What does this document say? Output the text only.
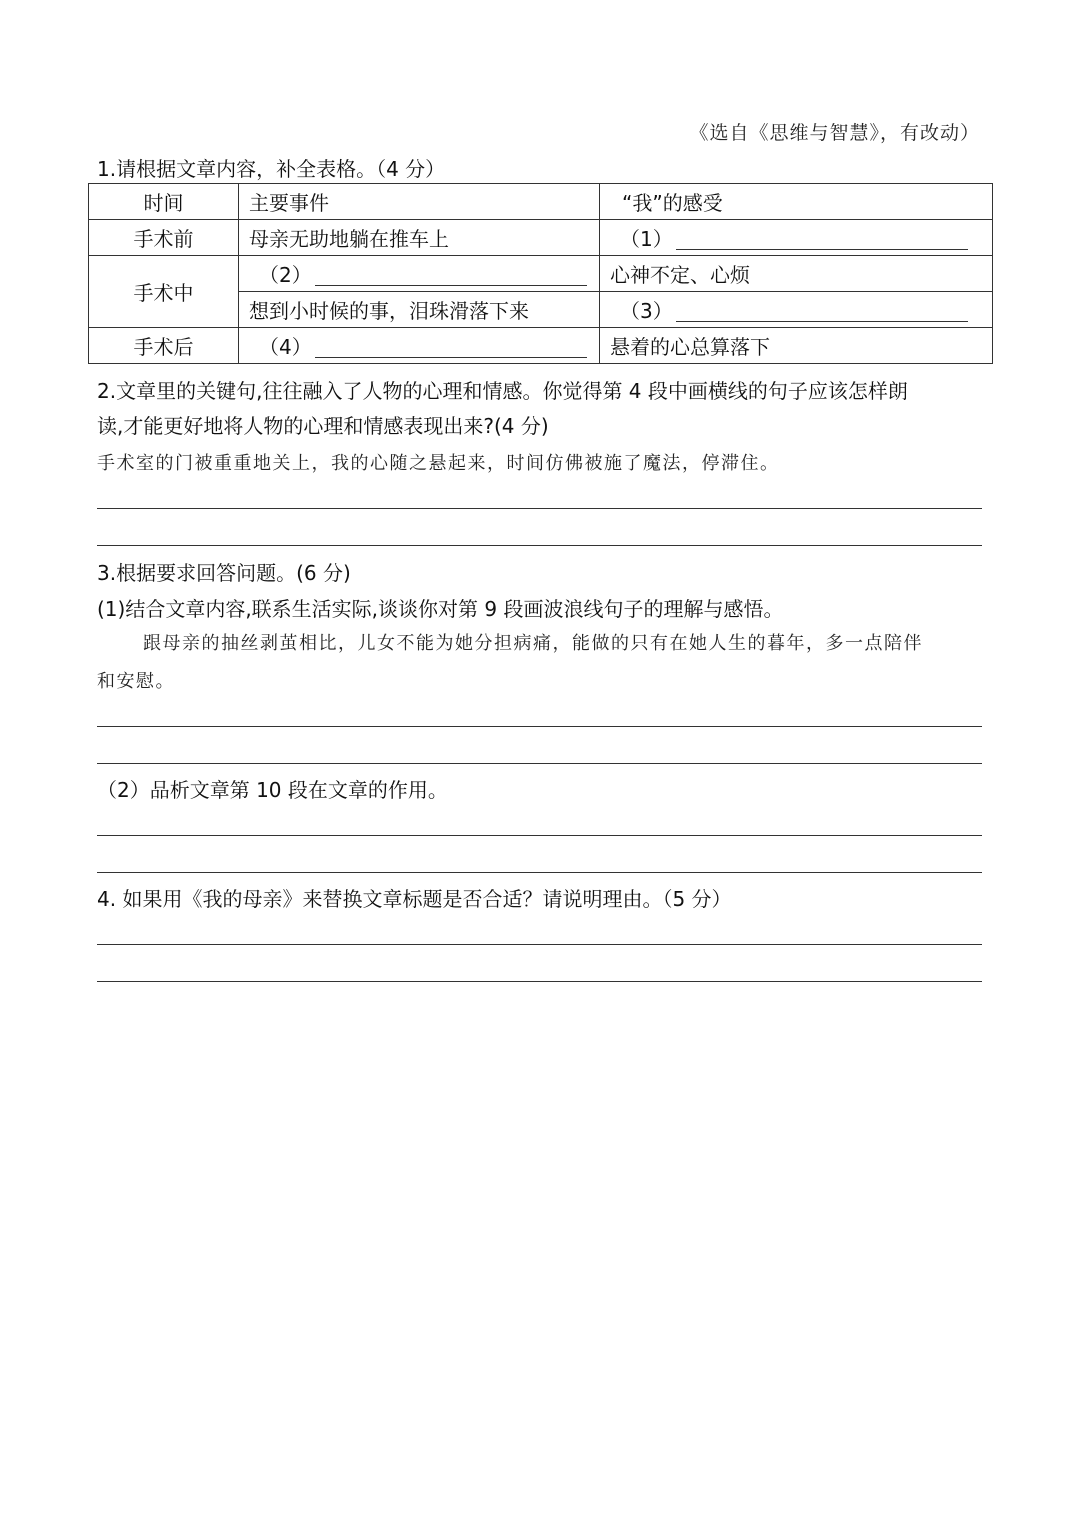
《选自《思维与智慧》，有改动）
1.请根据文章内容，补全表格。（4 分）
时间	主要事件	“我”的感受
手术前	母亲无助地躺在推车上	（1）
手术中	（2）	心神不定、心烦
	想到小时候的事，泪珠滑落下来	（3）
手术后	（4）	悬着的心总算落下
2.文章里的关键句,往往融入了人物的心理和情感。你觉得第 4 段中画横线的句子应该怎样朗
读,才能更好地将人物的心理和情感表现出来?(4 分)
手术室的门被重重地关上，我的心随之悬起来，时间仿佛被施了魔法，停滞住。
3.根据要求回答问题。(6 分)
(1)结合文章内容,联系生活实际,谈谈你对第 9 段画波浪线句子的理解与感悟。
跟母亲的抽丝剥茧相比，儿女不能为她分担病痛，能做的只有在她人生的暮年，多一点陪伴
和安慰。
（2）品析文章第 10 段在文章的作用。
4. 如果用《我的母亲》来替换文章标题是否合适？请说明理由。（5 分）
